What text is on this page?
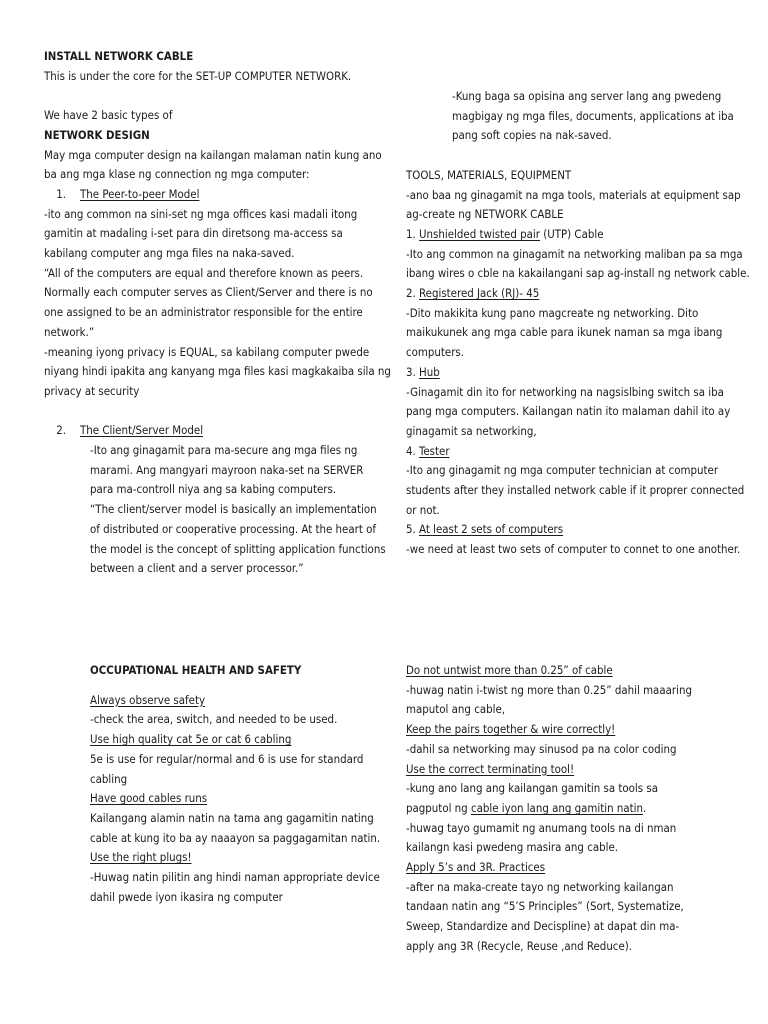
INSTALL NETWORK CABLE

This is under the core for the SET-UP COMPUTER NETWORK.

We have 2 basic types of

NETWORK DESIGN

May mga computer design na kailangan malaman natin kung ano

ba ang mga klase ng connection ng mga computer:

1. The Peer-to-peer Model

-ito ang common na sini-set ng mga offices kasi madali itong

gamitin at madaling i-set para din diretsong ma-access sa

kabilang computer ang mga files na naka-saved.

“All of the computers are equal and therefore known as peers.

Normally each computer serves as Client/Server and there is no

one assigned to be an administrator responsible for the entire

network.”

-meaning iyong privacy is EQUAL, sa kabilang computer pwede

niyang hindi ipakita ang kanyang mga files kasi magkakaiba sila ng

privacy at security

2. The Client/Server Model

-Ito ang ginagamit para ma-secure ang mga files ng

marami. Ang mangyari mayroon naka-set na SERVER

para ma-controll niya ang sa kabing computers.

“The client/server model is basically an implementation

of distributed or cooperative processing. At the heart of

the model is the concept of splitting application functions

between a client and a server processor.”

-Kung baga sa opisina ang server lang ang pwedeng

magbigay ng mga files, documents, applications at iba

pang soft copies na nak-saved.

TOOLS, MATERIALS, EQUIPMENT

-ano baa ng ginagamit na mga tools, materials at equipment sap

ag-create ng NETWORK CABLE

1. Unshielded twisted pair (UTP) Cable

-Ito ang common na ginagamit na networking maliban pa sa mga

ibang wires o cble na kakailangani sap ag-install ng network cable.

2. Registered Jack (RJ)- 45

-Dito makikita kung pano magcreate ng networking. Dito

maikukunek ang mga cable para ikunek naman sa mga ibang

computers.

3. Hub

-Ginagamit din ito for networking na nagsislbing switch sa iba

pang mga computers. Kailangan natin ito malaman dahil ito ay

ginagamit sa networking,

4. Tester

-Ito ang ginagamit ng mga computer technician at computer

students after they installed network cable if it proprer connected

or not.

5. At least 2 sets of computers

-we need at least two sets of computer to connet to one another.

OCCUPATIONAL HEALTH AND SAFETY

Always observe safety

-check the area, switch, and needed to be used.

Use high quality cat 5e or cat 6 cabling

5e is use for regular/normal and 6 is use for standard

cabling

Have good cables runs

Kailangang alamin natin na tama ang gagamitin nating

cable at kung ito ba ay naaayon sa paggagamitan natin.

Use the right plugs!

-Huwag natin pilitin ang hindi naman appropriate device

dahil pwede iyon ikasira ng computer

Do not untwist more than 0.25” of cable

-huwag natin i-twist ng more than 0.25” dahil maaaring

maputol ang cable,

Keep the pairs together & wire correctly!

-dahil sa networking may sinusod pa na color coding

Use the correct terminating tool!

-kung ano lang ang kailangan gamitin sa tools sa

pagputol ng cable iyon lang ang gamitin natin.

-huwag tayo gumamit ng anumang tools na di nman

kailangn kasi pwedeng masira ang cable.

Apply 5’s and 3R. Practices

-after na maka-create tayo ng networking kailangan

tandaan natin ang “5’S Principles” (Sort, Systematize,

Sweep, Standardize and Decispline) at dapat din ma-

apply ang 3R (Recycle, Reuse ,and Reduce).
